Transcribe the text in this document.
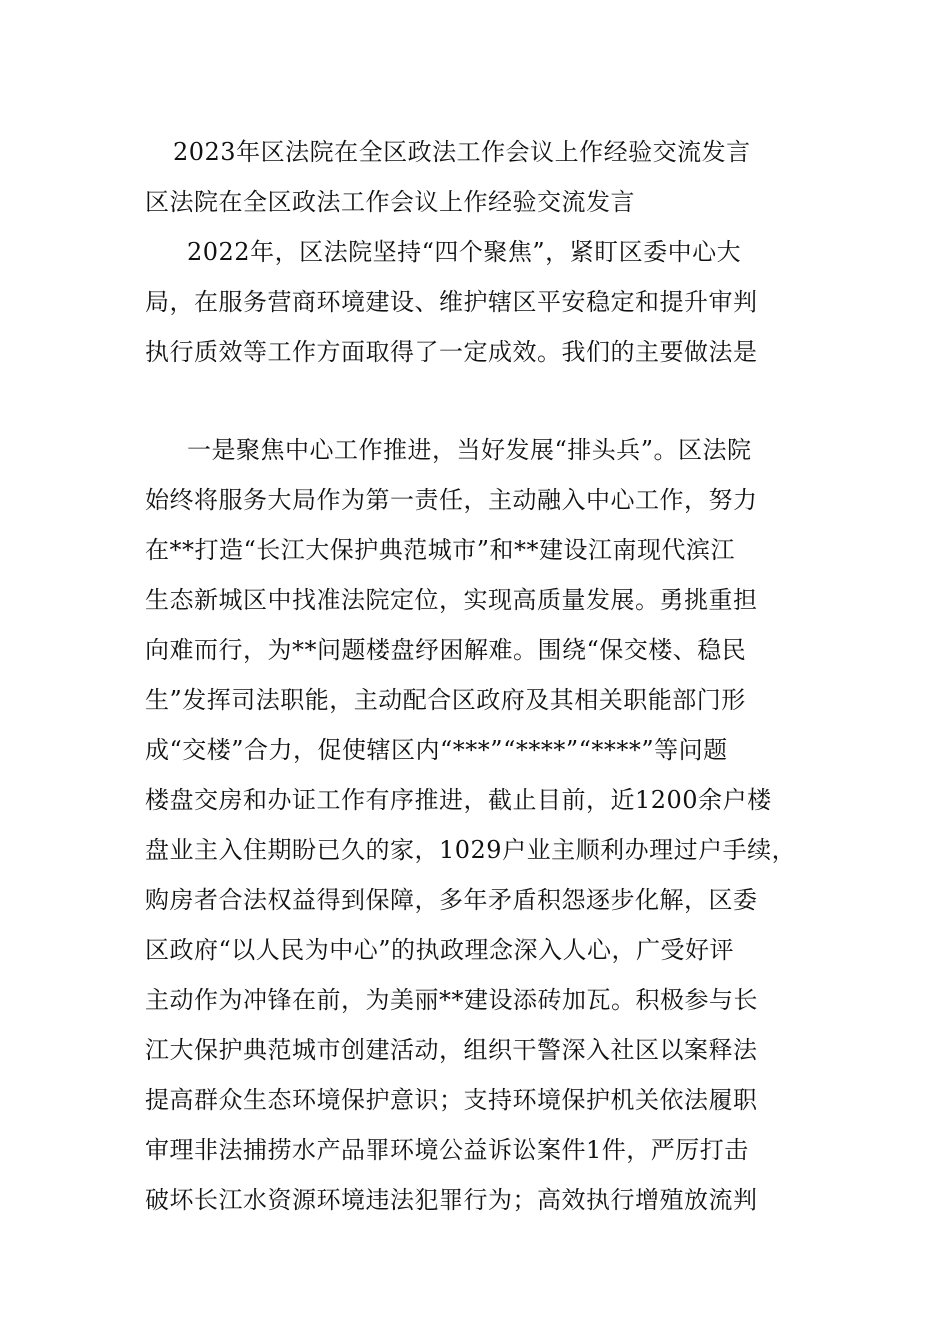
2023年区法院在全区政法工作会议上作经验交流发言
区法院在全区政法工作会议上作经验交流发言
2022年，区法院坚持“四个聚焦”，紧盯区委中心大
局，在服务营商环境建设、维护辖区平安稳定和提升审判
执行质效等工作方面取得了一定成效。我们的主要做法是
一是聚焦中心工作推进，当好发展“排头兵”。区法院
始终将服务大局作为第一责任，主动融入中心工作，努力
在**打造“长江大保护典范城市”和**建设江南现代滨江
生态新城区中找准法院定位，实现高质量发展。勇挑重担
向难而行，为**问题楼盘纾困解难。围绕“保交楼、稳民
生”发挥司法职能，主动配合区政府及其相关职能部门形
成“交楼”合力，促使辖区内“***”“****”“****”等问题
楼盘交房和办证工作有序推进，截止目前，近1200余户楼
盘业主入住期盼已久的家，1029户业主顺利办理过户手续，
购房者合法权益得到保障，多年矛盾积怨逐步化解，区委
区政府“以人民为中心”的执政理念深入人心，广受好评
主动作为冲锋在前，为美丽**建设添砖加瓦。积极参与长
江大保护典范城市创建活动，组织干警深入社区以案释法
提高群众生态环境保护意识；支持环境保护机关依法履职
审理非法捕捞水产品罪环境公益诉讼案件1件，严厉打击
破坏长江水资源环境违法犯罪行为；高效执行增殖放流判
